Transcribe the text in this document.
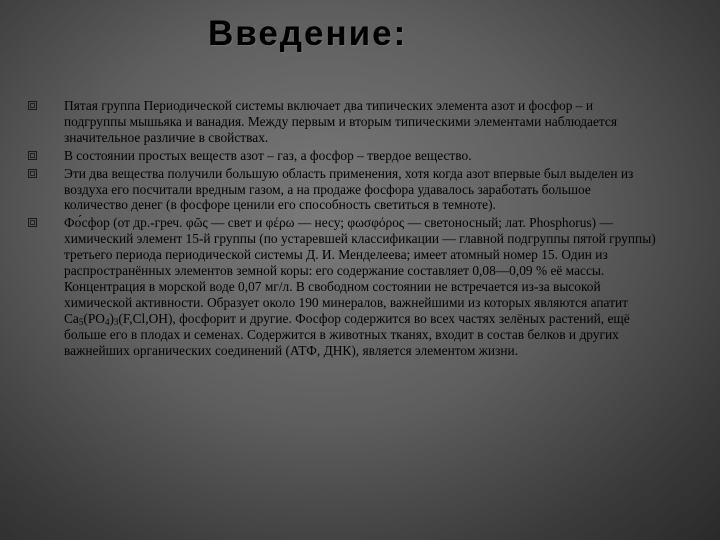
Введение:
Пятая группа Периодической системы включает два типических элемента азот и фосфор – и подгруппы мышьяка и ванадия. Между первым и вторым типическими элементами наблюдается значительное различие в свойствах.
В состоянии простых веществ азот – газ, а фосфор – твердое вещество.
Эти два вещества получили большую область применения, хотя когда азот впервые был выделен из воздуха его посчитали вредным газом, а на продаже фосфора удавалось заработать большое количество денег (в фосфоре ценили его способность светиться в темноте).
Фо́сфор (от др.-греч. φῶς — свет и φέρω — несу; φωσφόρος — светоносный; лат. Phosphorus) — химический элемент 15-й группы (по устаревшей классификации — главной подгруппы пятой группы) третьего периода периодической системы Д. И. Менделеева; имеет атомный номер 15. Один из распространённых элементов земной коры: его содержание составляет 0,08—0,09 % её массы. Концентрация в морской воде 0,07 мг/л. В свободном состоянии не встречается из-за высокой химической активности. Образует около 190 минералов, важнейшими из которых являются апатит $Ca_5(PO_4)_3(F,Cl,OH)$, фосфорит и другие. Фосфор содержится во всех частях зелёных растений, ещё больше его в плодах и семенах. Содержится в животных тканях, входит в состав белков и других важнейших органических соединений (АТФ, ДНК), является элементом жизни.
